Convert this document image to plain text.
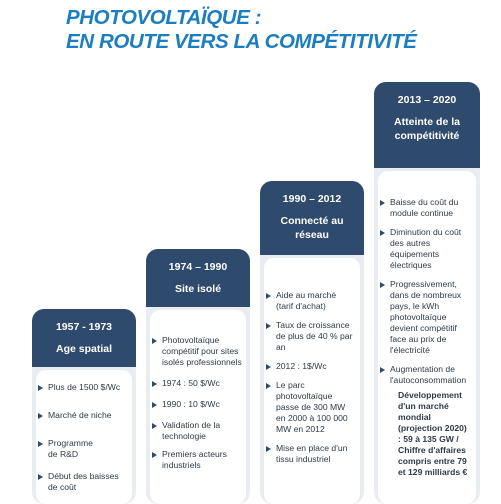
PHOTOVOLTAÏQUE :
EN ROUTE VERS LA COMPÉTITIVITÉ
1957 - 1973
Age spatial
Plus de 1500 $/Wc
Marché de niche
Programme de R&D
Début des baisses de coût
1974 – 1990
Site isolé
Photovoltaïque compétitif pour sites isolés professionnels
1974 : 50 $/Wc
1990 : 10 $/Wc
Validation de la technologie
Premiers acteurs industriels
1990 – 2012
Connecté au réseau
Aide au marché (tarif d'achat)
Taux de croissance de plus de 40 % par an
2012 : 1$/Wc
Le parc photovoltaïque passe de 300 MW en 2000 à 100 000 MW en 2012
Mise en place d'un tissu industriel
2013 – 2020
Atteinte de la compétitivité
Baisse du coût du module continue
Diminution du coût des autres équipements électriques
Progressivement, dans de nombreux pays, le kWh photovoltaïque devient compétitif face au prix de l'électricité
Augmentation de l'autoconsommation
Développement d'un marché mondial (projection 2020) : 59 à 135 GW / Chiffre d'affaires compris entre 79 et 129 milliards €
